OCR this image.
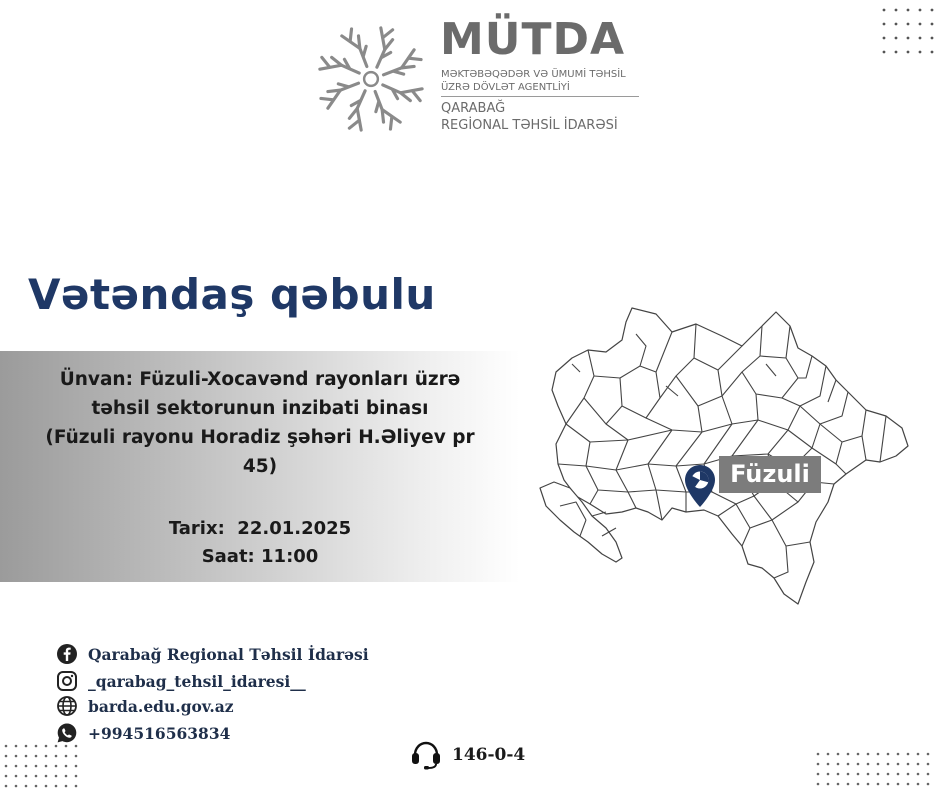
MÜTDA
MƏKTƏBƏQƏDƏR VƏ ÜMUMİ TƏHSİL
ÜZRƏ DÖVLƏT AGENTLİYİ
QARABAĞ
REGİONAL TƏHSİL İDARƏSİ
Vətəndaş qəbulu
Ünvan: Füzuli-Xocavənd rayonları üzrə
təhsil sektorunun inzibati binası
(Füzuli rayonu Horadiz şəhəri H.Əliyev pr
45)
Tarix:  22.01.2025
Saat: 11:00
Füzuli
Qarabağ Regional Təhsil İdarəsi
_qarabag_tehsil_idaresi__
barda.edu.gov.az
+994516563834
146-0-4
